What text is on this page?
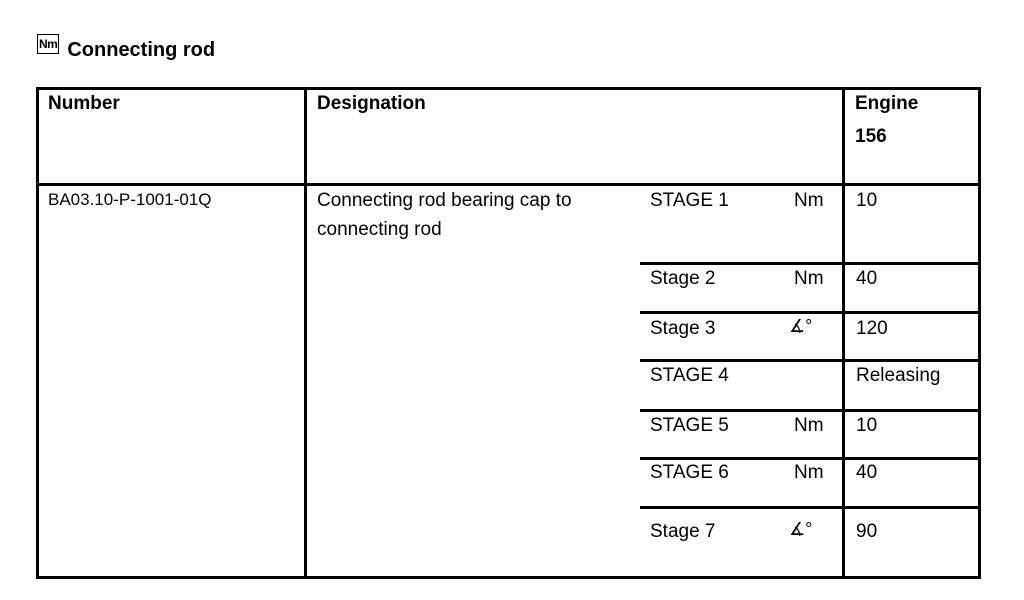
Nm Connecting rod
Number	Designation	Engine
156
BA03.10-P-1001-01Q	Connecting rod bearing cap to
connecting rod
STAGE 1	Nm 10
Stage 2	Nm 40
Stage 3	∡° 120
STAGE 4	Releasing
STAGE 5	Nm 10
STAGE 6	Nm 40
Stage 7	∡° 90
